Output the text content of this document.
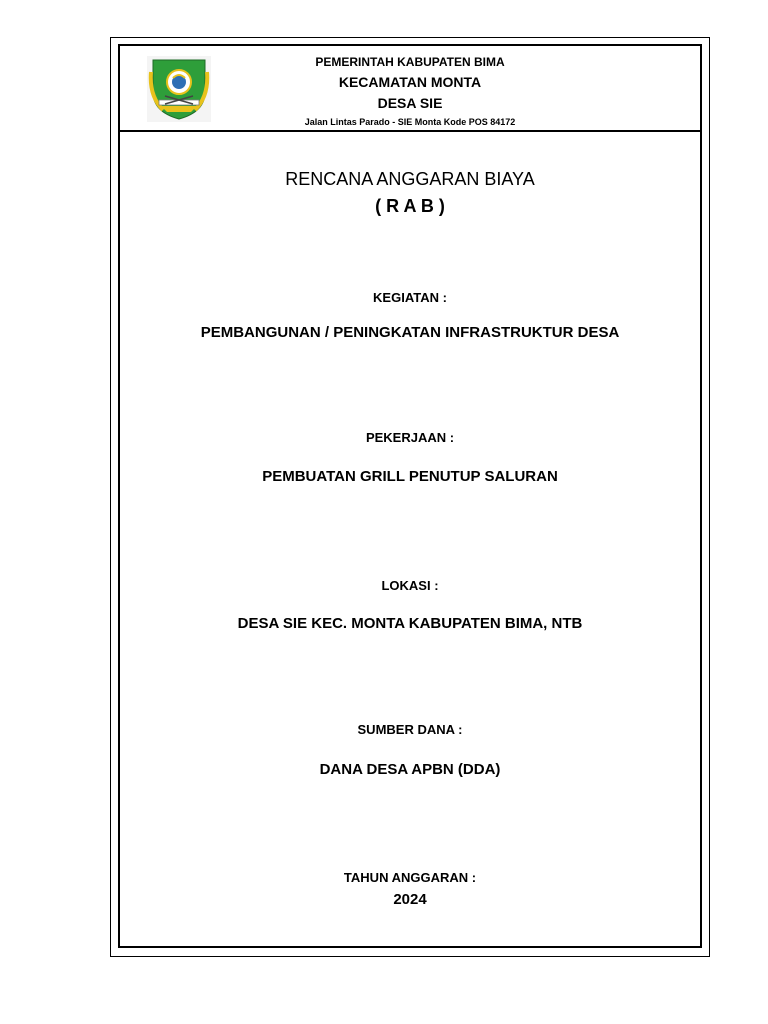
PEMERINTAH KABUPATEN BIMA
KECAMATAN MONTA
DESA SIE
Jalan Lintas Parado - SIE Monta Kode POS 84172
RENCANA ANGGARAN BIAYA
( R A B )
KEGIATAN :
PEMBANGUNAN / PENINGKATAN INFRASTRUKTUR DESA
PEKERJAAN :
PEMBUATAN GRILL PENUTUP SALURAN
LOKASI :
DESA SIE KEC. MONTA KABUPATEN BIMA, NTB
SUMBER DANA :
DANA DESA APBN (DDA)
TAHUN ANGGARAN :
2024
